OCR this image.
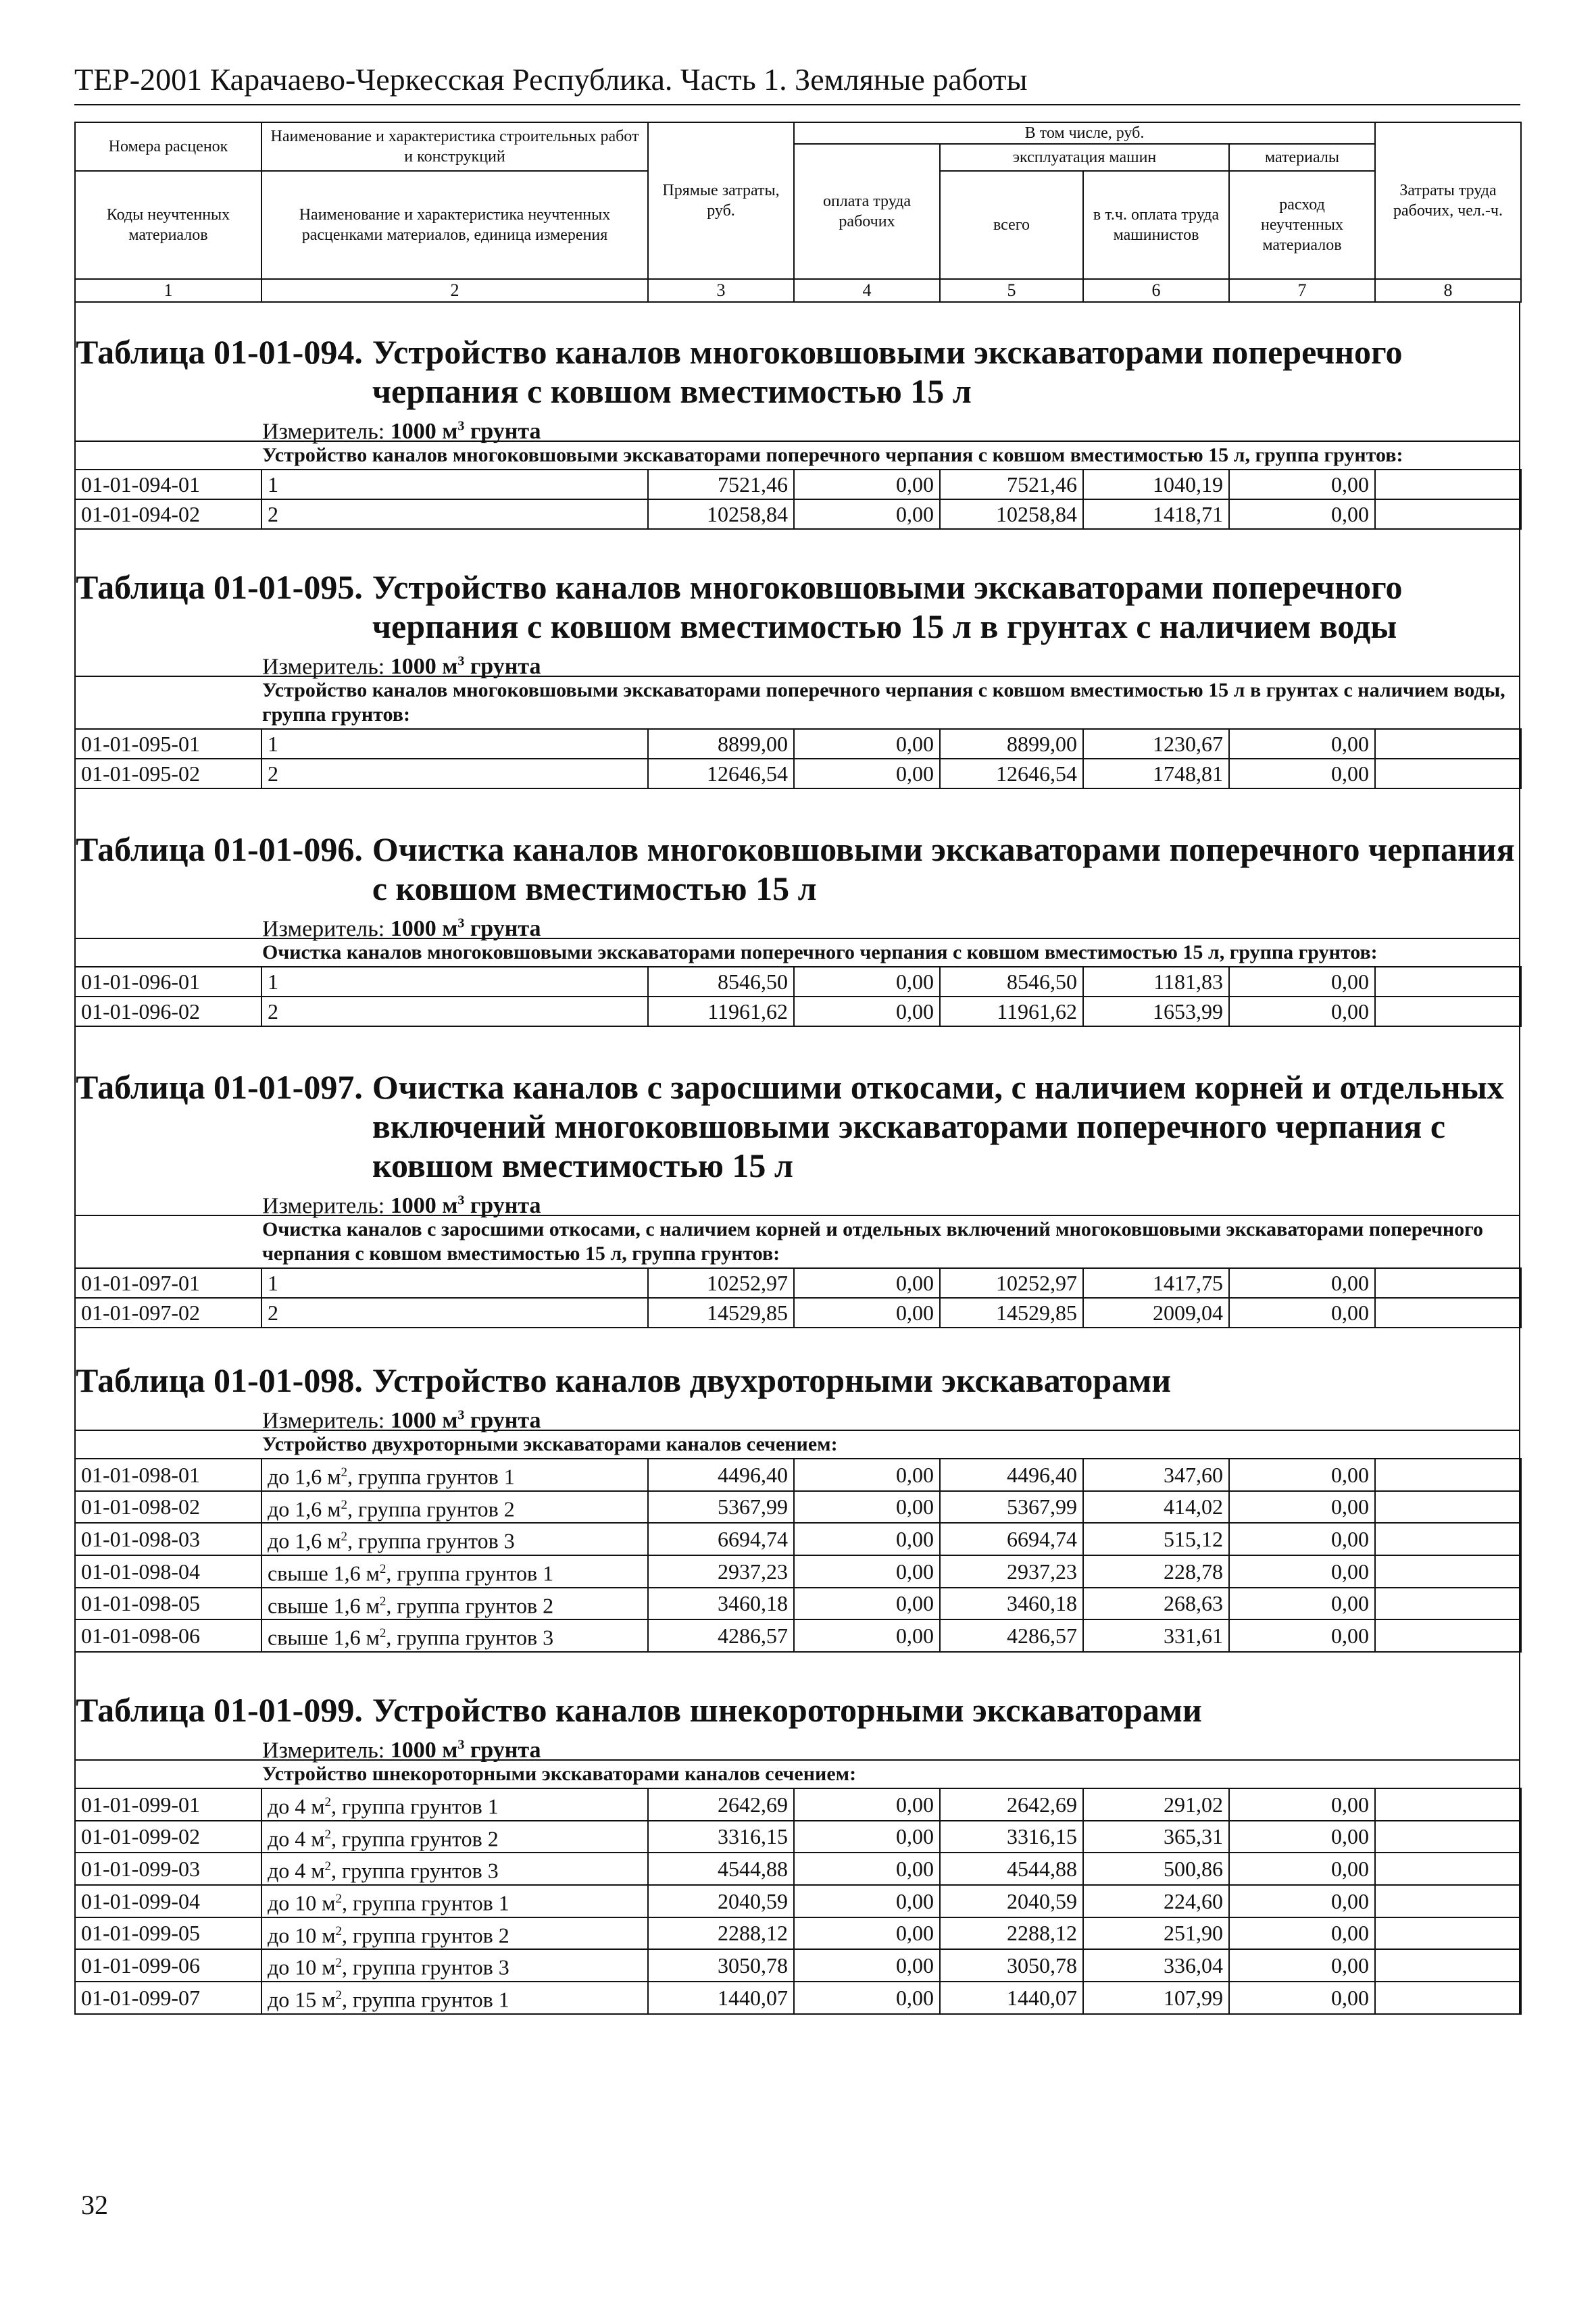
ТЕР-2001 Карачаево-Черкесская Республика. Часть 1. Земляные работы
Номера расценок	Наименование и характеристика строительных работ и конструкций	Прямые затраты, руб.	В том числе, руб.				Затраты труда рабочих, чел.-ч.
			оплата труда рабочих	эксплуатация машин		материалы	
Коды неучтенных материалов	Наименование и характеристика неучтенных расценками материалов, единица измерения			всего	в т.ч. оплата труда машинистов	расход неучтенных материалов	

1	2	3	4	5	6	7	8
Таблица 01-01-094. Устройство каналов многоковшовыми экскаваторами поперечного черпания с ковшом вместимостью 15 л
Измеритель: 1000 $м^3$ грунта
Устройство каналов многоковшовыми экскаваторами поперечного черпания с ковшом вместимостью 15 л, группа грунтов:
01-01-094-01	1	7521,46	0,00	7521,46	1040,19	0,00	
01-01-094-02	2	10258,84	0,00	10258,84	1418,71	0,00	
Таблица 01-01-095. Устройство каналов многоковшовыми экскаваторами поперечного черпания с ковшом вместимостью 15 л в грунтах с наличием воды
Измеритель: 1000 $м^3$ грунта
Устройство каналов многоковшовыми экскаваторами поперечного черпания с ковшом вместимостью 15 л в грунтах с наличием воды, группа грунтов:
01-01-095-01	1	8899,00	0,00	8899,00	1230,67	0,00	
01-01-095-02	2	12646,54	0,00	12646,54	1748,81	0,00	
Таблица 01-01-096. Очистка каналов многоковшовыми экскаваторами поперечного черпания с ковшом вместимостью 15 л
Измеритель: 1000 $м^3$ грунта
Очистка каналов многоковшовыми экскаваторами поперечного черпания с ковшом вместимостью 15 л, группа грунтов:
01-01-096-01	1	8546,50	0,00	8546,50	1181,83	0,00	
01-01-096-02	2	11961,62	0,00	11961,62	1653,99	0,00	
Таблица 01-01-097. Очистка каналов с заросшими откосами, с наличием корней и отдельных включений многоковшовыми экскаваторами поперечного черпания с ковшом вместимостью 15 л
Измеритель: 1000 $м^3$ грунта
Очистка каналов с заросшими откосами, с наличием корней и отдельных включений многоковшовыми экскаваторами поперечного черпания с ковшом вместимостью 15 л, группа грунтов:
01-01-097-01	1	10252,97	0,00	10252,97	1417,75	0,00	
01-01-097-02	2	14529,85	0,00	14529,85	2009,04	0,00	
Таблица 01-01-098. Устройство каналов двухроторными экскаваторами
Измеритель: 1000 $м^3$ грунта
Устройство двухроторными экскаваторами каналов сечением:
01-01-098-01	до 1,6 $м^2$, группа грунтов 1	4496,40	0,00	4496,40	347,60	0,00	
01-01-098-02	до 1,6 $м^2$, группа грунтов 2	5367,99	0,00	5367,99	414,02	0,00	
01-01-098-03	до 1,6 $м^2$, группа грунтов 3	6694,74	0,00	6694,74	515,12	0,00	
01-01-098-04	свыше 1,6 $м^2$, группа грунтов 1	2937,23	0,00	2937,23	228,78	0,00	
01-01-098-05	свыше 1,6 $м^2$, группа грунтов 2	3460,18	0,00	3460,18	268,63	0,00	
01-01-098-06	свыше 1,6 $м^2$, группа грунтов 3	4286,57	0,00	4286,57	331,61	0,00	
Таблица 01-01-099. Устройство каналов шнекороторными экскаваторами
Измеритель: 1000 $м^3$ грунта
Устройство шнекороторными экскаваторами каналов сечением:
01-01-099-01	до 4 $м^2$, группа грунтов 1	2642,69	0,00	2642,69	291,02	0,00	
01-01-099-02	до 4 $м^2$, группа грунтов 2	3316,15	0,00	3316,15	365,31	0,00	
01-01-099-03	до 4 $м^2$, группа грунтов 3	4544,88	0,00	4544,88	500,86	0,00	
01-01-099-04	до 10 $м^2$, группа грунтов 1	2040,59	0,00	2040,59	224,60	0,00	
01-01-099-05	до 10 $м^2$, группа грунтов 2	2288,12	0,00	2288,12	251,90	0,00	
01-01-099-06	до 10 $м^2$, группа грунтов 3	3050,78	0,00	3050,78	336,04	0,00	
01-01-099-07	до 15 $м^2$, группа грунтов 1	1440,07	0,00	1440,07	107,99	0,00	
32
